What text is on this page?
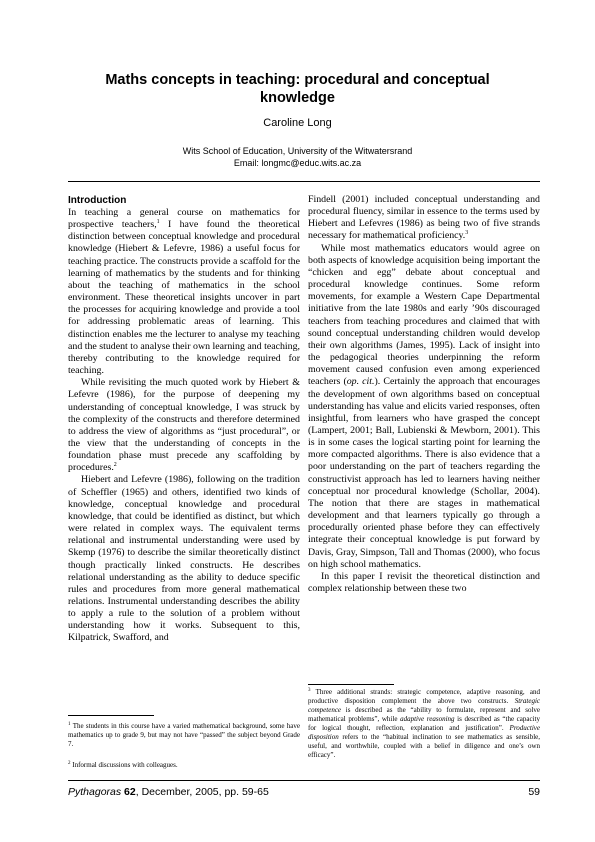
Maths concepts in teaching: procedural and conceptual
knowledge
Caroline Long
Wits School of Education, University of the Witwatersrand
Email: longmc@educ.wits.ac.za
Introduction

In teaching a general course on mathematics for prospective teachers,$^1$ I have found the theoretical distinction between conceptual knowledge and procedural knowledge (Hiebert & Lefevre, 1986) a useful focus for teaching practice. The constructs provide a scaffold for the learning of mathematics by the students and for thinking about the teaching of mathematics in the school environment. These theoretical insights uncover in part the processes for acquiring knowledge and provide a tool for addressing problematic areas of learning. This distinction enables me the lecturer to analyse my teaching and the student to analyse their own learning and teaching, thereby contributing to the knowledge required for teaching.

While revisiting the much quoted work by Hiebert & Lefevre (1986), for the purpose of deepening my understanding of conceptual knowledge, I was struck by the complexity of the constructs and therefore determined to address the view of algorithms as “just procedural”, or the view that the understanding of concepts in the foundation phase must precede any scaffolding by procedures.$^2$

Hiebert and Lefevre (1986), following on the tradition of Scheffler (1965) and others, identified two kinds of knowledge, conceptual knowledge and procedural knowledge, that could be identified as distinct, but which were related in complex ways. The equivalent terms relational and instrumental understanding were used by Skemp (1976) to describe the similar theoretically distinct though practically linked constructs. He describes relational understanding as the ability to deduce specific rules and procedures from more general mathematical relations. Instrumental understanding describes the ability to apply a rule to the solution of a problem without understanding how it works. Subsequent to this, Kilpatrick, Swafford, and

Findell (2001) included conceptual understanding and procedural fluency, similar in essence to the terms used by Hiebert and Lefevres (1986) as being two of five strands necessary for mathematical proficiency.$^3$

While most mathematics educators would agree on both aspects of knowledge acquisition being important the “chicken and egg” debate about conceptual and procedural knowledge continues. Some reform movements, for example a Western Cape Departmental initiative from the late 1980s and early ’90s discouraged teachers from teaching procedures and claimed that with sound conceptual understanding children would develop their own algorithms (James, 1995). Lack of insight into the pedagogical theories underpinning the reform movement caused confusion even among experienced teachers (op. cit.). Certainly the approach that encourages the development of own algorithms based on conceptual understanding has value and elicits varied responses, often insightful, from learners who have grasped the concept (Lampert, 2001; Ball, Lubienski & Mewborn, 2001). This is in some cases the logical starting point for learning the more compacted algorithms. There is also evidence that a poor understanding on the part of teachers regarding the constructivist approach has led to learners having neither conceptual nor procedural knowledge (Schollar, 2004). The notion that there are stages in mathematical development and that learners typically go through a procedurally oriented phase before they can effectively integrate their conceptual knowledge is put forward by Davis, Gray, Simpson, Tall and Thomas (2000), who focus on high school mathematics.

In this paper I revisit the theoretical distinction and complex relationship between these two

$^1$ The students in this course have a varied mathematical background, some have mathematics up to grade 9, but may not have “passed” the subject beyond Grade 7.

$^2$ Informal discussions with colleagues.

$^3$ Three additional strands: strategic competence, adaptive reasoning, and productive disposition complement the above two constructs. Strategic competence is described as the “ability to formulate, represent and solve mathematical problems”, while adaptive reasoning is described as “the capacity for logical thought, reflection, explanation and justification”. Productive disposition refers to the “habitual inclination to see mathematics as sensible, useful, and worthwhile, coupled with a belief in diligence and one’s own efficacy”.

Pythagoras 62, December, 2005, pp. 59-65	59
